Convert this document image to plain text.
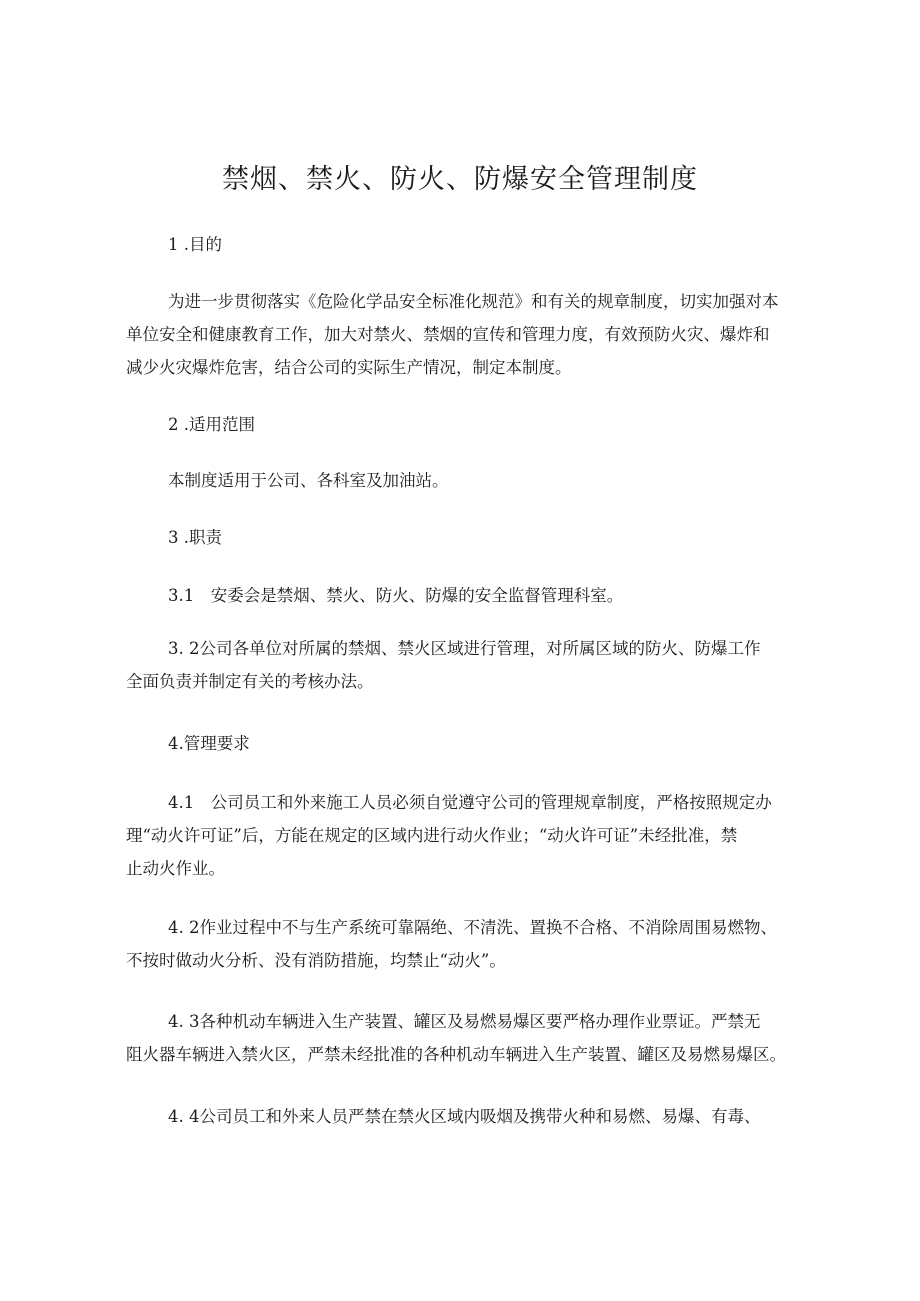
禁烟、禁火、防火、防爆安全管理制度

1 .目的

为进一步贯彻落实《危险化学品安全标准化规范》和有关的规章制度，切实加强对本
单位安全和健康教育工作，加大对禁火、禁烟的宣传和管理力度，有效预防火灾、爆炸和
减少火灾爆炸危害，结合公司的实际生产情况，制定本制度。

2 .适用范围

本制度适用于公司、各科室及加油站。

3 .职责

3.1　安委会是禁烟、禁火、防火、防爆的安全监督管理科室。

3. 2公司各单位对所属的禁烟、禁火区域进行管理，对所属区域的防火、防爆工作
全面负责并制定有关的考核办法。

4.管理要求

4.1　公司员工和外来施工人员必须自觉遵守公司的管理规章制度，严格按照规定办
理“动火许可证”后，方能在规定的区域内进行动火作业；“动火许可证”未经批准，禁
止动火作业。

4. 2作业过程中不与生产系统可靠隔绝、不清洗、置换不合格、不消除周围易燃物、
不按时做动火分析、没有消防措施，均禁止“动火”。

4. 3各种机动车辆进入生产装置、罐区及易燃易爆区要严格办理作业票证。严禁无
阻火器车辆进入禁火区，严禁未经批准的各种机动车辆进入生产装置、罐区及易燃易爆区。

4. 4公司员工和外来人员严禁在禁火区域内吸烟及携带火种和易燃、易爆、有毒、
